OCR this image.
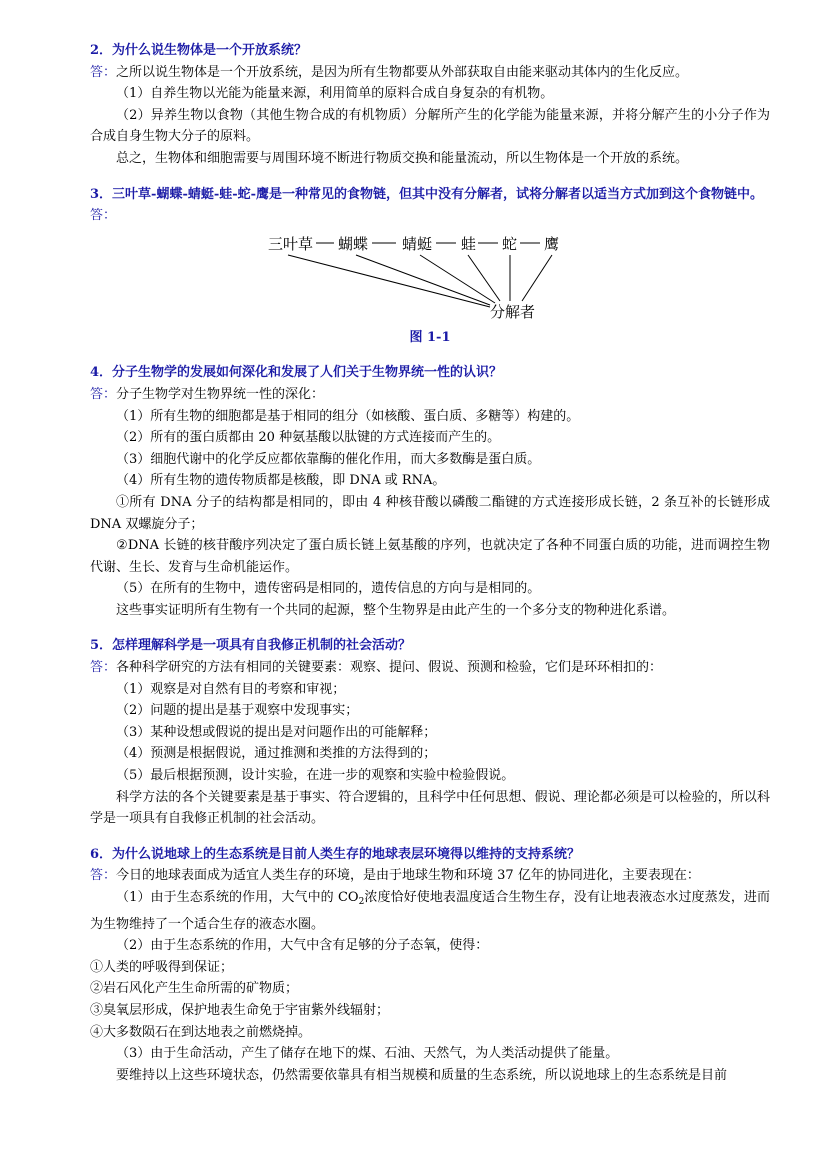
2．为什么说生物体是一个开放系统？

答：之所以说生物体是一个开放系统，是因为所有生物都要从外部获取自由能来驱动其体内的生化反应。

（1）自养生物以光能为能量来源，利用简单的原料合成自身复杂的有机物。

（2）异养生物以食物（其他生物合成的有机物质）分解所产生的化学能为能量来源，并将分解产生的小分子作为合成自身生物大分子的原料。

总之，生物体和细胞需要与周围环境不断进行物质交换和能量流动，所以生物体是一个开放的系统。

3．三叶草-蝴蝶-蜻蜓-蛙-蛇-鹰是一种常见的食物链，但其中没有分解者，试将分解者以适当方式加到这个食物链中。

答：

三叶草 蝴蝶 蜻蜓 蛙 蛇 鹰
分解者

图 1-1

4．分子生物学的发展如何深化和发展了人们关于生物界统一性的认识？

答：分子生物学对生物界统一性的深化：

（1）所有生物的细胞都是基于相同的组分（如核酸、蛋白质、多糖等）构建的。

（2）所有的蛋白质都由 20 种氨基酸以肽键的方式连接而产生的。

（3）细胞代谢中的化学反应都依靠酶的催化作用，而大多数酶是蛋白质。

（4）所有生物的遗传物质都是核酸，即 DNA 或 RNA。

①所有 DNA 分子的结构都是相同的，即由 4 种核苷酸以磷酸二酯键的方式连接形成长链，2 条互补的长链形成 DNA 双螺旋分子；

②DNA 长链的核苷酸序列决定了蛋白质长链上氨基酸的序列，也就决定了各种不同蛋白质的功能，进而调控生物代谢、生长、发育与生命机能运作。

（5）在所有的生物中，遗传密码是相同的，遗传信息的方向与是相同的。

这些事实证明所有生物有一个共同的起源，整个生物界是由此产生的一个多分支的物种进化系谱。

5．怎样理解科学是一项具有自我修正机制的社会活动？

答：各种科学研究的方法有相同的关键要素：观察、提问、假说、预测和检验，它们是环环相扣的：

（1）观察是对自然有目的考察和审视；

（2）问题的提出是基于观察中发现事实；

（3）某种设想或假说的提出是对问题作出的可能解释；

（4）预测是根据假说，通过推测和类推的方法得到的；

（5）最后根据预测，设计实验，在进一步的观察和实验中检验假说。

科学方法的各个关键要素是基于事实、符合逻辑的，且科学中任何思想、假说、理论都必须是可以检验的，所以科学是一项具有自我修正机制的社会活动。

6．为什么说地球上的生态系统是目前人类生存的地球表层环境得以维持的支持系统？

答：今日的地球表面成为适宜人类生存的环境，是由于地球生物和环境 37 亿年的协同进化，主要表现在：

（1）由于生态系统的作用，大气中的 $CO_2$浓度恰好使地表温度适合生物生存，没有让地表液态水过度蒸发，进而为生物维持了一个适合生存的液态水圈。

（2）由于生态系统的作用，大气中含有足够的分子态氧，使得：

①人类的呼吸得到保证；

②岩石风化产生生命所需的矿物质；

③臭氧层形成，保护地表生命免于宇宙紫外线辐射；

④大多数陨石在到达地表之前燃烧掉。

（3）由于生命活动，产生了储存在地下的煤、石油、天然气，为人类活动提供了能量。

要维持以上这些环境状态，仍然需要依靠具有相当规模和质量的生态系统，所以说地球上的生态系统是目前
